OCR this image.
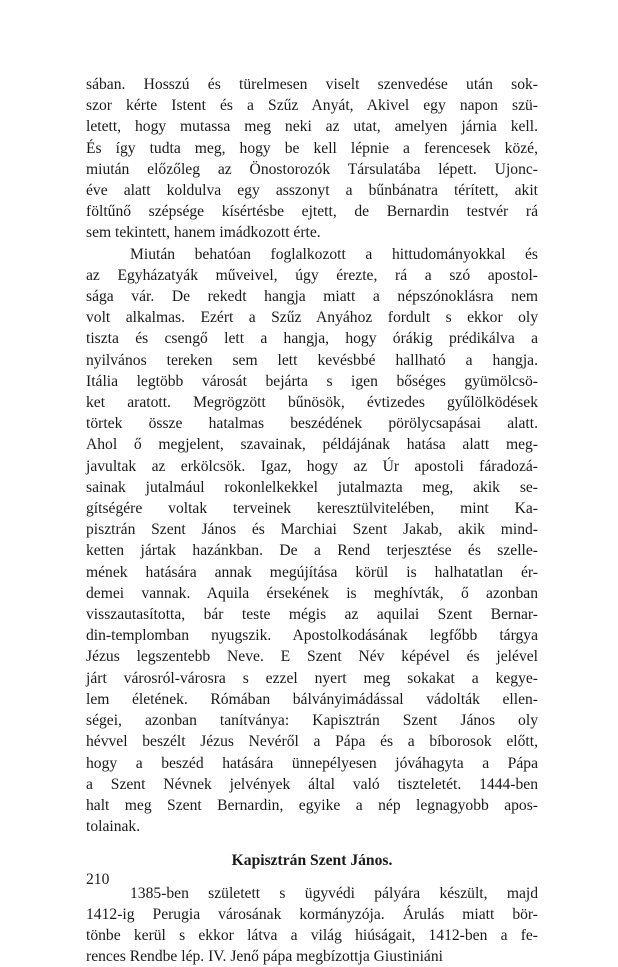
sában. Hosszú és türelmesen viselt szenvedése után sok-
szor kérte Istent és a Szűz Anyát, Akivel egy napon szü-
letett, hogy mutassa meg neki az utat, amelyen járnia kell.
És így tudta meg, hogy be kell lépnie a ferencesek közé,
miután előzőleg az Önostorozók Társulatába lépett. Ujonc-
éve alatt koldulva egy asszonyt a bűnbánatra térített, akit
föltűnő szépsége kísértésbe ejtett, de Bernardin testvér rá
sem tekintett, hanem imádkozott érte.
Miután behatóan foglalkozott a hittudományokkal és
az Egyházatyák műveivel, úgy érezte, rá a szó apostol-
sága vár. De rekedt hangja miatt a népszónoklásra nem
volt alkalmas. Ezért a Szűz Anyához fordult s ekkor oly
tiszta és csengő lett a hangja, hogy órákig prédikálva a
nyilvános tereken sem lett kevésbbé hallható a hangja.
Itália legtöbb városát bejárta s igen bőséges gyümölcsö-
ket aratott. Megrögzött bűnösök, évtizedes gyűlölködések
törtek össze hatalmas beszédének pörölycsapásai alatt.
Ahol ő megjelent, szavainak, példájának hatása alatt meg-
javultak az erkölcsök. Igaz, hogy az Úr apostoli fáradozá-
sainak jutalmául rokonlelkekkel jutalmazta meg, akik se-
gítségére voltak terveinek keresztülvitelében, mint Ka-
pisztrán Szent János és Marchiai Szent Jakab, akik mind-
ketten jártak hazánkban. De a Rend terjesztése és szelle-
mének hatására annak megújítása körül is halhatatlan ér-
demei vannak. Aquila érsekének is meghívták, ő azonban
visszautasította, bár teste mégis az aquilai Szent Bernar-
din-templomban nyugszik. Apostolkodásának legfőbb tárgya
Jézus legszentebb Neve. E Szent Név képével és jelével
járt városról-városra s ezzel nyert meg sokakat a kegye-
lem életének. Rómában bálványimádással vádolták ellen-
ségei, azonban tanítványa: Kapisztrán Szent János oly
hévvel beszélt Jézus Nevéről a Pápa és a bíborosok előtt,
hogy a beszéd hatására ünnepélyesen jóváhagyta a Pápa
a Szent Névnek jelvények által való tiszteletét. 1444-ben
halt meg Szent Bernardin, egyike a nép legnagyobb apos-
tolainak.
Kapisztrán Szent János.
1385-ben született s ügyvédi pályára készült, majd
1412-ig Perugia városának kormányzója. Árulás miatt bör-
tönbe kerül s ekkor látva a világ hiúságait, 1412-ben a fe-
rences Rendbe lép. IV. Jenő pápa megbízottja Giustiniáni
210
